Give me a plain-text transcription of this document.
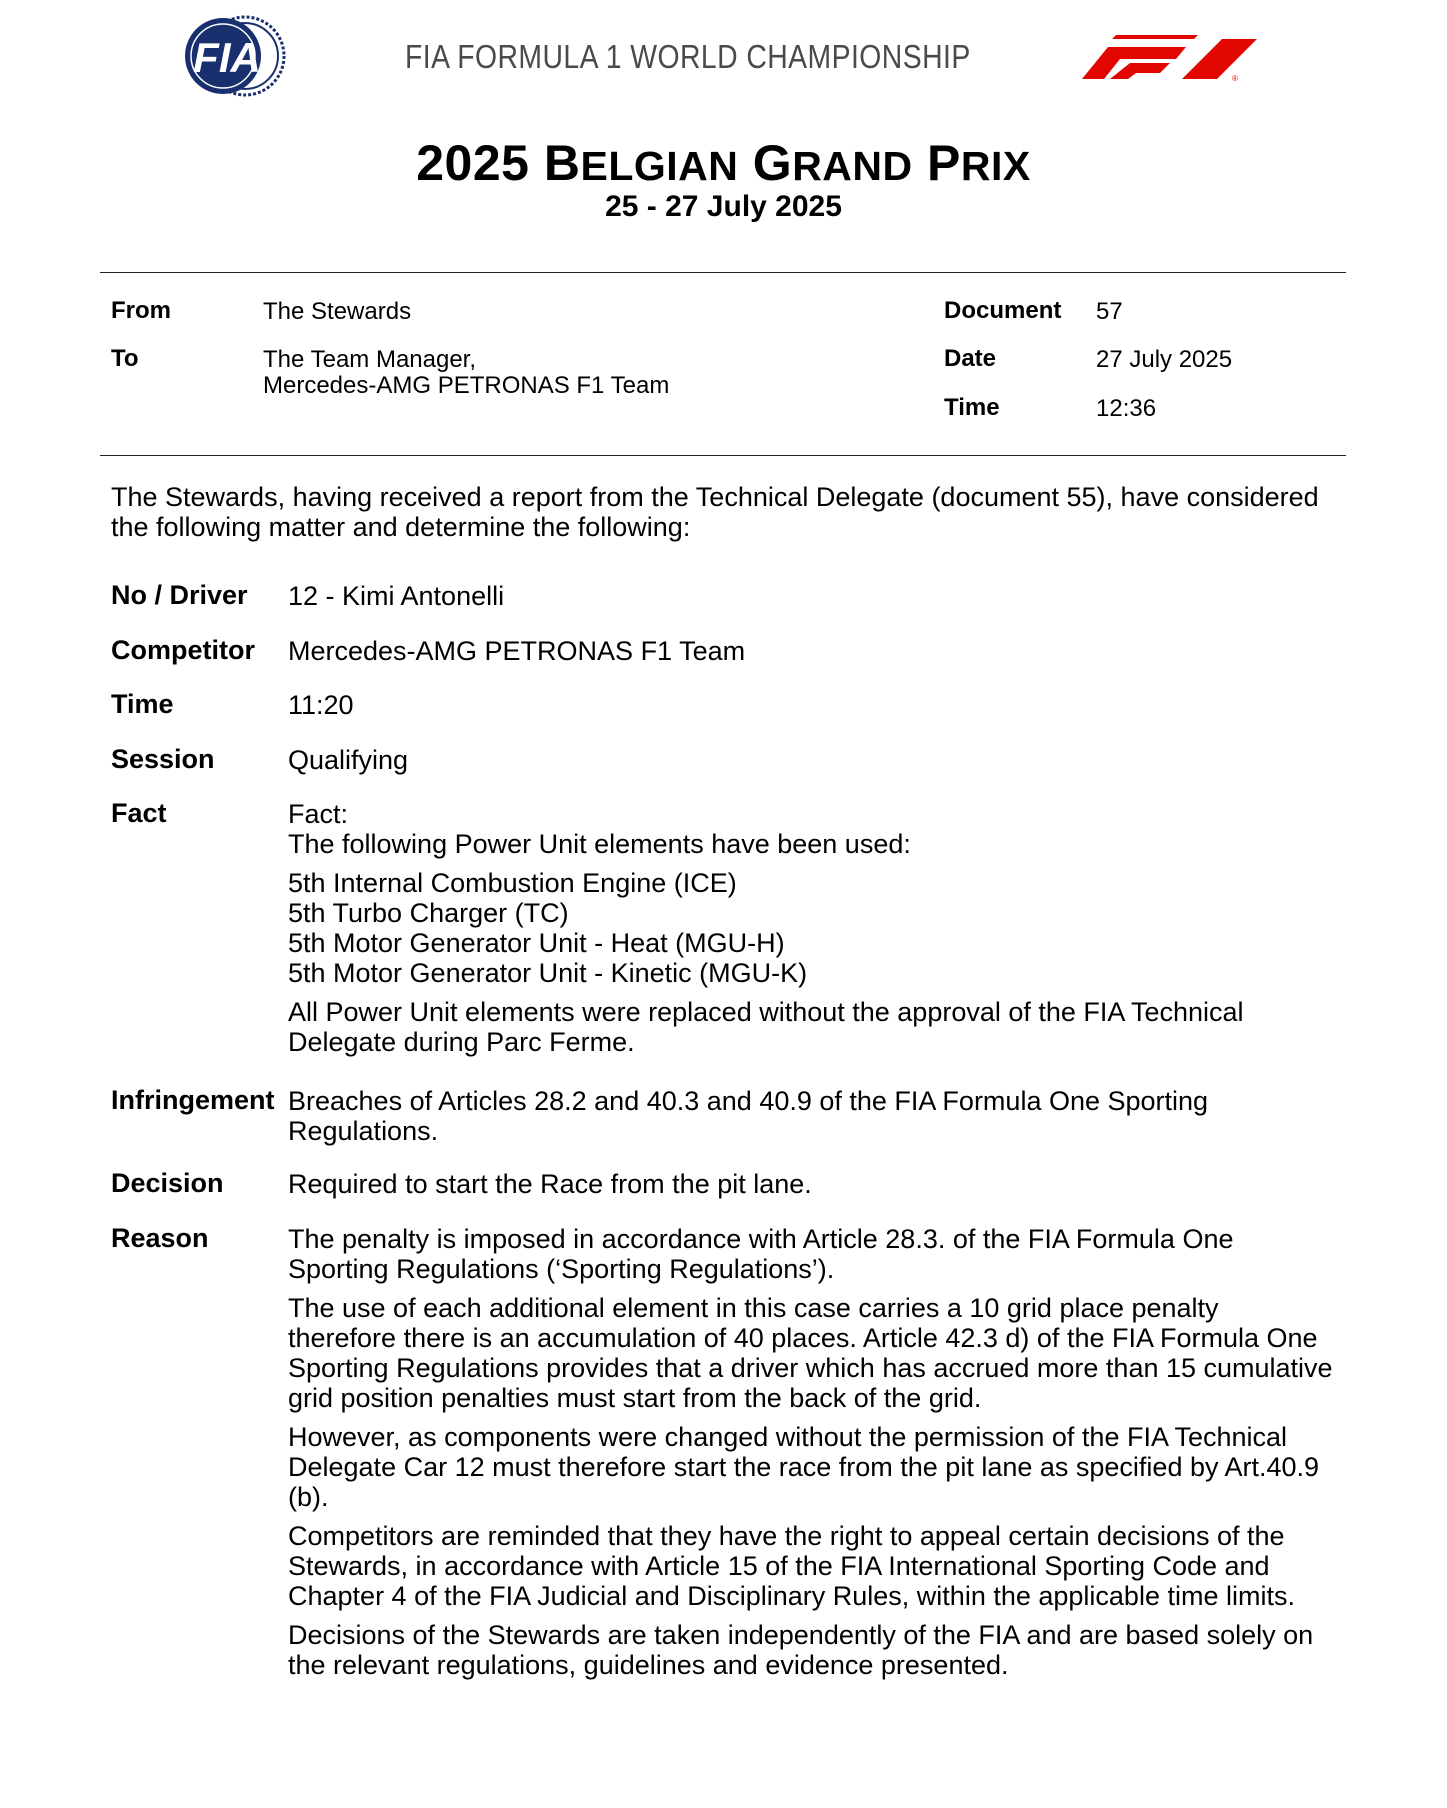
FIA	FIA FORMULA 1 WORLD CHAMPIONSHIP
®
2025 BELGIAN GRAND PRIX
25 - 27 July 2025
From	The Stewards
To	The Team Manager,
Mercedes-AMG PETRONAS F1 Team
Document 57
Date	27 July 2025
Time	12:36
The Stewards, having received a report from the Technical Delegate (document 55), have considered the following matter and determine the following:
No / Driver 12 - Kimi Antonelli
Competitor Mercedes-AMG PETRONAS F1 Team
Time	11:20
Session	Qualifying
Fact	Fact:
The following Power Unit elements have been used:

5th Internal Combustion Engine (ICE)
5th Turbo Charger (TC)
5th Motor Generator Unit - Heat (MGU-H)
5th Motor Generator Unit - Kinetic (MGU-K)

All Power Unit elements were replaced without the approval of the FIA Technical Delegate during Parc Ferme.

Infringement Breaches of Articles 28.2 and 40.3 and 40.9 of the FIA Formula One Sporting Regulations.
Decision Required to start the Race from the pit lane.
Reason	The penalty is imposed in accordance with Article 28.3. of the FIA Formula One Sporting Regulations (‘Sporting Regulations’).

The use of each additional element in this case carries a 10 grid place penalty therefore there is an accumulation of 40 places. Article 42.3 d) of the FIA Formula One Sporting Regulations provides that a driver which has accrued more than 15 cumulative grid position penalties must start from the back of the grid.

However, as components were changed without the permission of the FIA Technical Delegate Car 12 must therefore start the race from the pit lane as specified by Art.40.9 (b).

Competitors are reminded that they have the right to appeal certain decisions of the Stewards, in accordance with Article 15 of the FIA International Sporting Code and Chapter 4 of the FIA Judicial and Disciplinary Rules, within the applicable time limits.

Decisions of the Stewards are taken independently of the FIA and are based solely on the relevant regulations, guidelines and evidence presented.
